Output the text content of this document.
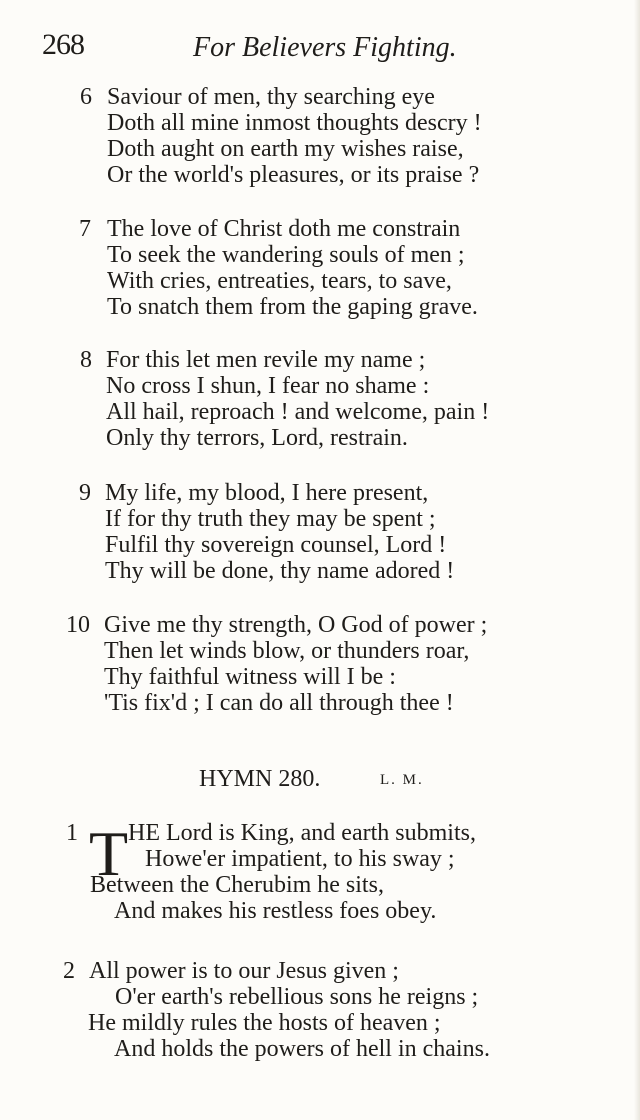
268	For Believers Fighting.
6 Saviour of men, thy searching eye
Doth all mine inmost thoughts descry !
Doth aught on earth my wishes raise,
Or the world's pleasures, or its praise ?
7 The love of Christ doth me constrain
To seek the wandering souls of men ;
With cries, entreaties, tears, to save,
To snatch them from the gaping grave.
8 For this let men revile my name ;
No cross I shun, I fear no shame :
All hail, reproach ! and welcome, pain !
Only thy terrors, Lord, restrain.
9 My life, my blood, I here present,
If for thy truth they may be spent ;
Fulfil thy sovereign counsel, Lord !
Thy will be done, thy name adored !
10 Give me thy strength, O God of power ;
Then let winds blow, or thunders roar,
Thy faithful witness will I be :
'Tis fix'd ; I can do all through thee !
HYMN 280.	L. M.
1 T HE Lord is King, and earth submits,
Howe'er impatient, to his sway ;
Between the Cherubim he sits,
And makes his restless foes obey.
2 All power is to our Jesus given ;
O'er earth's rebellious sons he reigns ;
He mildly rules the hosts of heaven ;
And holds the powers of hell in chains.
